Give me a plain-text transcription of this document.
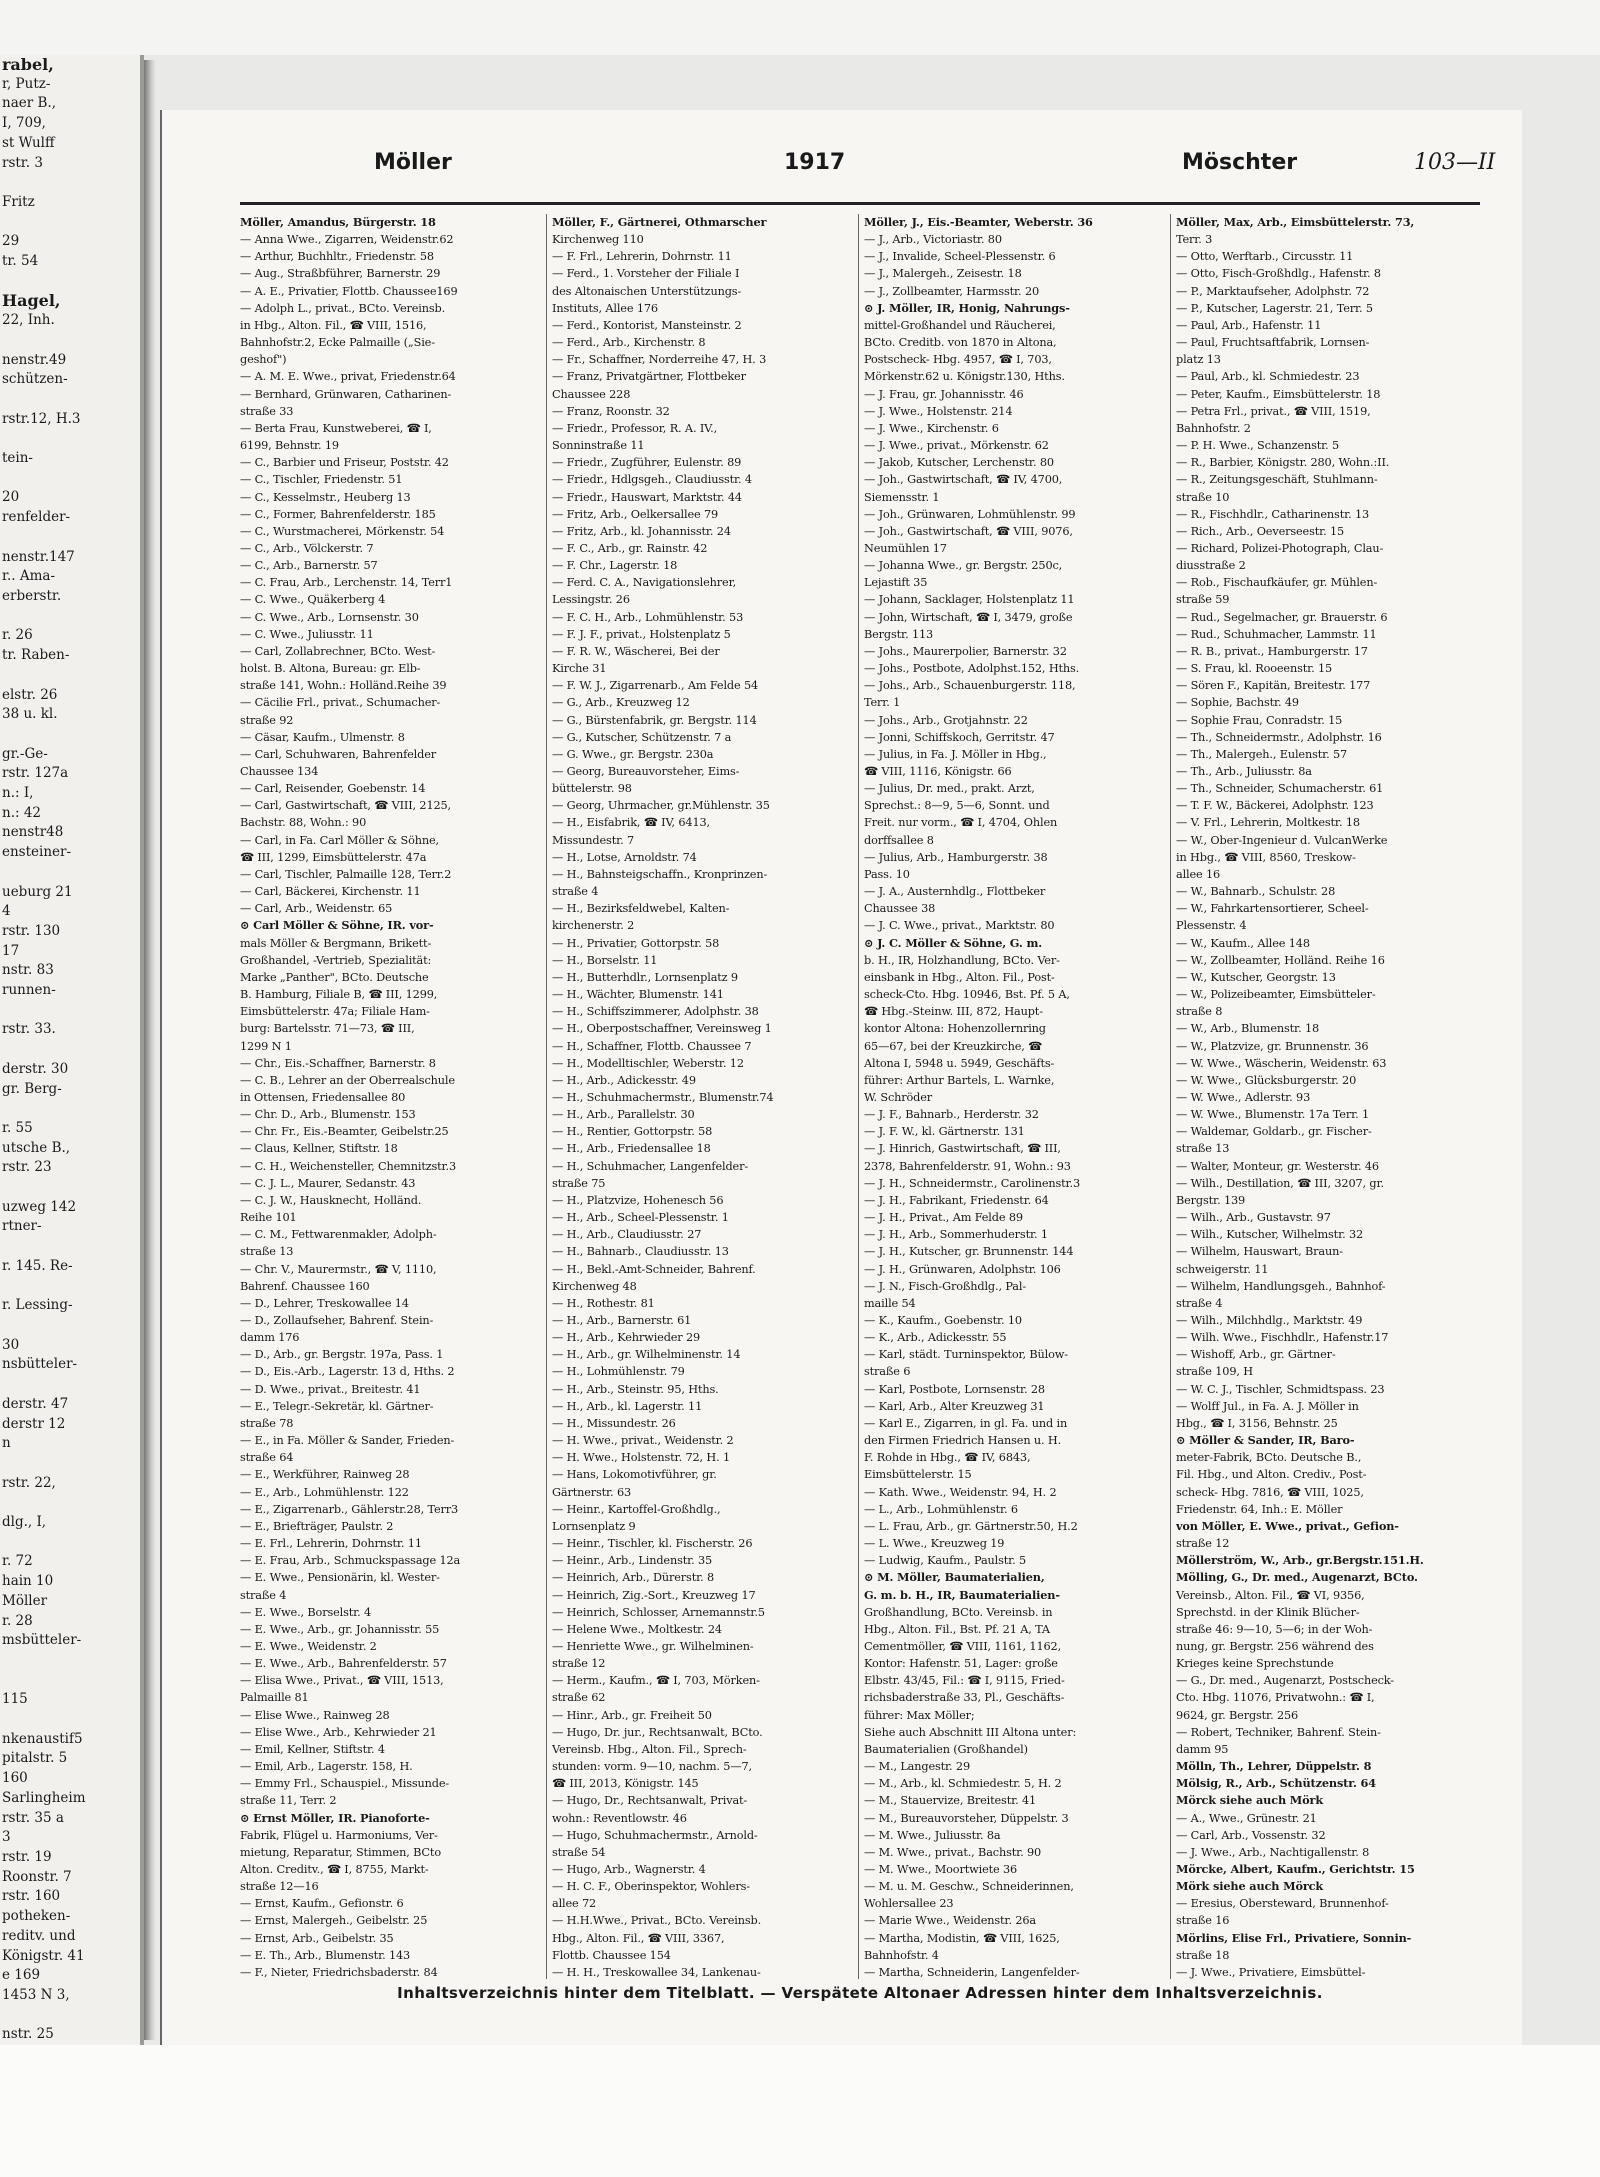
rabel,
r, Putz-
naer B.,
I, 709,
st Wulff
rstr. 3

Fritz

29
tr. 54

Hagel,
22, Inh.

nenstr.49
schützen-

rstr.12, H.3

tein-

20
renfelder-

nenstr.147
r.. Ama-
erberstr.

r. 26
tr. Raben-

elstr. 26
38 u. kl.

gr.-Ge-
rstr. 127a
n.: I,
n.: 42
nenstr48
ensteiner-

ueburg 21
4
rstr. 130
17
nstr. 83
runnen-

rstr. 33.

derstr. 30
gr. Berg-

r. 55
utsche B.,
rstr. 23

uzweg 142
rtner-

r. 145. Re-

r. Lessing-

30
nsbütteler-

derstr. 47
derstr 12
n

rstr. 22,

dlg., I,

r. 72
hain 10
Möller
r. 28
msbütteler-

115

nkenaustif5
pitalstr. 5
160
Sarlingheim
rstr. 35 a
3
rstr. 19
Roonstr. 7
rstr. 160
potheken-
reditv. und
Königstr. 41
e 169
1453 N 3,

nstr. 25

Möller	1917	Möschter	103—II
Möller, Amandus, Bürgerstr. 18
— Anna Wwe., Zigarren, Weidenstr.62
— Arthur, Buchhltr., Friedenstr. 58
— Aug., Straßbführer, Barnerstr. 29
— A. E., Privatier, Flottb. Chaussee169
— Adolph L., privat., BCto. Vereinsb.
in Hbg., Alton. Fil., ☎ VIII, 1516,
Bahnhofstr.2, Ecke Palmaille („Sie-
geshof")
— A. M. E. Wwe., privat, Friedenstr.64
— Bernhard, Grünwaren, Catharinen-
straße 33
— Berta Frau, Kunstweberei, ☎ I,
6199, Behnstr. 19
— C., Barbier und Friseur, Poststr. 42
— C., Tischler, Friedenstr. 51
— C., Kesselmstr., Heuberg 13
— C., Former, Bahrenfelderstr. 185
— C., Wurstmacherei, Mörkenstr. 54
— C., Arb., Völckerstr. 7
— C., Arb., Barnerstr. 57
— C. Frau, Arb., Lerchenstr. 14, Terr1
— C. Wwe., Quäkerberg 4
— C. Wwe., Arb., Lornsenstr. 30
— C. Wwe., Juliusstr. 11
— Carl, Zollabrechner, BCto. West-
holst. B. Altona, Bureau: gr. Elb-
straße 141, Wohn.: Holländ.Reihe 39
— Cäcilie Frl., privat., Schumacher-
straße 92
— Cäsar, Kaufm., Ulmenstr. 8
— Carl, Schuhwaren, Bahrenfelder
Chaussee 134
— Carl, Reisender, Goebenstr. 14
— Carl, Gastwirtschaft, ☎ VIII, 2125,
Bachstr. 88, Wohn.: 90
— Carl, in Fa. Carl Möller & Söhne,
☎ III, 1299, Eimsbüttelerstr. 47a
— Carl, Tischler, Palmaille 128, Terr.2
— Carl, Bäckerei, Kirchenstr. 11
— Carl, Arb., Weidenstr. 65
⊙ Carl Möller & Söhne, IR. vor-
mals Möller & Bergmann, Brikett-
Großhandel, -Vertrieb, Spezialität:
Marke „Panther", BCto. Deutsche
B. Hamburg, Filiale B, ☎ III, 1299,
Eimsbüttelerstr. 47a; Filiale Ham-
burg: Bartelsstr. 71—73, ☎ III,
1299 N 1
— Chr., Eis.-Schaffner, Barnerstr. 8
— C. B., Lehrer an der Oberrealschule
in Ottensen, Friedensallee 80
— Chr. D., Arb., Blumenstr. 153
— Chr. Fr., Eis.-Beamter, Geibelstr.25
— Claus, Kellner, Stiftstr. 18
— C. H., Weichensteller, Chemnitzstr.3
— C. J. L., Maurer, Sedanstr. 43
— C. J. W., Hausknecht, Holländ.
Reihe 101
— C. M., Fettwarenmakler, Adolph-
straße 13
— Chr. V., Maurermstr., ☎ V, 1110,
Bahrenf. Chaussee 160
— D., Lehrer, Treskowallee 14
— D., Zollaufseher, Bahrenf. Stein-
damm 176
— D., Arb., gr. Bergstr. 197a, Pass. 1
— D., Eis.-Arb., Lagerstr. 13 d, Hths. 2
— D. Wwe., privat., Breitestr. 41
— E., Telegr.-Sekretär, kl. Gärtner-
straße 78
— E., in Fa. Möller & Sander, Frieden-
straße 64
— E., Werkführer, Rainweg 28
— E., Arb., Lohmühlenstr. 122
— E., Zigarrenarb., Gählerstr.28, Terr3
— E., Briefträger, Paulstr. 2
— E. Frl., Lehrerin, Dohrnstr. 11
— E. Frau, Arb., Schmuckspassage 12a
— E. Wwe., Pensionärin, kl. Wester-
straße 4
— E. Wwe., Borselstr. 4
— E. Wwe., Arb., gr. Johannisstr. 55
— E. Wwe., Weidenstr. 2
— E. Wwe., Arb., Bahrenfelderstr. 57
— Elisa Wwe., Privat., ☎ VIII, 1513,
Palmaille 81
— Elise Wwe., Rainweg 28
— Elise Wwe., Arb., Kehrwieder 21
— Emil, Kellner, Stiftstr. 4
— Emil, Arb., Lagerstr. 158, H.
— Emmy Frl., Schauspiel., Missunde-
straße 11, Terr. 2
⊙ Ernst Möller, IR. Pianoforte-
Fabrik, Flügel u. Harmoniums, Ver-
mietung, Reparatur, Stimmen, BCto
Alton. Creditv., ☎ I, 8755, Markt-
straße 12—16
— Ernst, Kaufm., Gefionstr. 6
— Ernst, Malergeh., Geibelstr. 25
— Ernst, Arb., Geibelstr. 35
— E. Th., Arb., Blumenstr. 143
— F., Nieter, Friedrichsbaderstr. 84
Möller, F., Gärtnerei, Othmarscher
Kirchenweg 110
— F. Frl., Lehrerin, Dohrnstr. 11
— Ferd., 1. Vorsteher der Filiale I
des Altonaischen Unterstützungs-
Instituts, Allee 176
— Ferd., Kontorist, Mansteinstr. 2
— Ferd., Arb., Kirchenstr. 8
— Fr., Schaffner, Norderreihe 47, H. 3
— Franz, Privatgärtner, Flottbeker
Chaussee 228
— Franz, Roonstr. 32
— Friedr., Professor, R. A. IV.,
Sonninstraße 11
— Friedr., Zugführer, Eulenstr. 89
— Friedr., Hdlgsgeh., Claudiusstr. 4
— Friedr., Hauswart, Marktstr. 44
— Fritz, Arb., Oelkersallee 79
— Fritz, Arb., kl. Johannisstr. 24
— F. C., Arb., gr. Rainstr. 42
— F. Chr., Lagerstr. 18
— Ferd. C. A., Navigationslehrer,
Lessingstr. 26
— F. C. H., Arb., Lohmühlenstr. 53
— F. J. F., privat., Holstenplatz 5
— F. R. W., Wäscherei, Bei der
Kirche 31
— F. W. J., Zigarrenarb., Am Felde 54
— G., Arb., Kreuzweg 12
— G., Bürstenfabrik, gr. Bergstr. 114
— G., Kutscher, Schützenstr. 7 a
— G. Wwe., gr. Bergstr. 230a
— Georg, Bureauvorsteher, Eims-
büttelerstr. 98
— Georg, Uhrmacher, gr.Mühlenstr. 35
— H., Eisfabrik, ☎ IV, 6413,
Missundestr. 7
— H., Lotse, Arnoldstr. 74
— H., Bahnsteigschaffn., Kronprinzen-
straße 4
— H., Bezirksfeldwebel, Kalten-
kirchenerstr. 2
— H., Privatier, Gottorpstr. 58
— H., Borselstr. 11
— H., Butterhdlr., Lornsenplatz 9
— H., Wächter, Blumenstr. 141
— H., Schiffszimmerer, Adolphstr. 38
— H., Oberpostschaffner, Vereinsweg 1
— H., Schaffner, Flottb. Chaussee 7
— H., Modelltischler, Weberstr. 12
— H., Arb., Adickesstr. 49
— H., Schuhmachermstr., Blumenstr.74
— H., Arb., Parallelstr. 30
— H., Rentier, Gottorpstr. 58
— H., Arb., Friedensallee 18
— H., Schuhmacher, Langenfelder-
straße 75
— H., Platzvize, Hohenesch 56
— H., Arb., Scheel-Plessenstr. 1
— H., Arb., Claudiusstr. 27
— H., Bahnarb., Claudiusstr. 13
— H., Bekl.-Amt-Schneider, Bahrenf.
Kirchenweg 48
— H., Rothestr. 81
— H., Arb., Barnerstr. 61
— H., Arb., Kehrwieder 29
— H., Arb., gr. Wilhelminenstr. 14
— H., Lohmühlenstr. 79
— H., Arb., Steinstr. 95, Hths.
— H., Arb., kl. Lagerstr. 11
— H., Missundestr. 26
— H. Wwe., privat., Weidenstr. 2
— H. Wwe., Holstenstr. 72, H. 1
— Hans, Lokomotivführer, gr.
Gärtnerstr. 63
— Heinr., Kartoffel-Großhdlg.,
Lornsenplatz 9
— Heinr., Tischler, kl. Fischerstr. 26
— Heinr., Arb., Lindenstr. 35
— Heinrich, Arb., Dürerstr. 8
— Heinrich, Zig.-Sort., Kreuzweg 17
— Heinrich, Schlosser, Arnemannstr.5
— Helene Wwe., Moltkestr. 24
— Henriette Wwe., gr. Wilhelminen-
straße 12
— Herm., Kaufm., ☎ I, 703, Mörken-
straße 62
— Hinr., Arb., gr. Freiheit 50
— Hugo, Dr. jur., Rechtsanwalt, BCto.
Vereinsb. Hbg., Alton. Fil., Sprech-
stunden: vorm. 9—10, nachm. 5—7,
☎ III, 2013, Königstr. 145
— Hugo, Dr., Rechtsanwalt, Privat-
wohn.: Reventlowstr. 46
— Hugo, Schuhmachermstr., Arnold-
straße 54
— Hugo, Arb., Wagnerstr. 4
— H. C. F., Oberinspektor, Wohlers-
allee 72
— H.H.Wwe., Privat., BCto. Vereinsb.
Hbg., Alton. Fil., ☎ VIII, 3367,
Flottb. Chaussee 154
— H. H., Treskowallee 34, Lankenau-
Möller, J., Eis.-Beamter, Weberstr. 36
— J., Arb., Victoriastr. 80
— J., Invalide, Scheel-Plessenstr. 6
— J., Malergeh., Zeisestr. 18
— J., Zollbeamter, Harmsstr. 20
⊙ J. Möller, IR, Honig, Nahrungs-
mittel-Großhandel und Räucherei,
BCto. Creditb. von 1870 in Altona,
Postscheck- Hbg. 4957, ☎ I, 703,
Mörkenstr.62 u. Königstr.130, Hths.
— J. Frau, gr. Johannisstr. 46
— J. Wwe., Holstenstr. 214
— J. Wwe., Kirchenstr. 6
— J. Wwe., privat., Mörkenstr. 62
— Jakob, Kutscher, Lerchenstr. 80
— Joh., Gastwirtschaft, ☎ IV, 4700,
Siemensstr. 1
— Joh., Grünwaren, Lohmühlenstr. 99
— Joh., Gastwirtschaft, ☎ VIII, 9076,
Neumühlen 17
— Johanna Wwe., gr. Bergstr. 250c,
Lejastift 35
— Johann, Sacklager, Holstenplatz 11
— John, Wirtschaft, ☎ I, 3479, große
Bergstr. 113
— Johs., Maurerpolier, Barnerstr. 32
— Johs., Postbote, Adolphst.152, Hths.
— Johs., Arb., Schauenburgerstr. 118,
Terr. 1
— Johs., Arb., Grotjahnstr. 22
— Jonni, Schiffskoch, Gerritstr. 47
— Julius, in Fa. J. Möller in Hbg.,
☎ VIII, 1116, Königstr. 66
— Julius, Dr. med., prakt. Arzt,
Sprechst.: 8—9, 5—6, Sonnt. und
Freit. nur vorm., ☎ I, 4704, Ohlen
dorffsallee 8
— Julius, Arb., Hamburgerstr. 38
Pass. 10
— J. A., Austernhdlg., Flottbeker
Chaussee 38
— J. C. Wwe., privat., Marktstr. 80
⊙ J. C. Möller & Söhne, G. m.
b. H., IR, Holzhandlung, BCto. Ver-
einsbank in Hbg., Alton. Fil., Post-
scheck-Cto. Hbg. 10946, Bst. Pf. 5 A,
☎ Hbg.-Steinw. III, 872, Haupt-
kontor Altona: Hohenzollernring
65—67, bei der Kreuzkirche, ☎
Altona I, 5948 u. 5949, Geschäfts-
führer: Arthur Bartels, L. Warnke,
W. Schröder
— J. F., Bahnarb., Herderstr. 32
— J. F. W., kl. Gärtnerstr. 131
— J. Hinrich, Gastwirtschaft, ☎ III,
2378, Bahrenfelderstr. 91, Wohn.: 93
— J. H., Schneidermstr., Carolinenstr.3
— J. H., Fabrikant, Friedenstr. 64
— J. H., Privat., Am Felde 89
— J. H., Arb., Sommerhuderstr. 1
— J. H., Kutscher, gr. Brunnenstr. 144
— J. H., Grünwaren, Adolphstr. 106
— J. N., Fisch-Großhdlg., Pal-
maille 54
— K., Kaufm., Goebenstr. 10
— K., Arb., Adickesstr. 55
— Karl, städt. Turninspektor, Bülow-
straße 6
— Karl, Postbote, Lornsenstr. 28
— Karl, Arb., Alter Kreuzweg 31
— Karl E., Zigarren, in gl. Fa. und in
den Firmen Friedrich Hansen u. H.
F. Rohde in Hbg., ☎ IV, 6843,
Eimsbüttelerstr. 15
— Kath. Wwe., Weidenstr. 94, H. 2
— L., Arb., Lohmühlenstr. 6
— L. Frau, Arb., gr. Gärtnerstr.50, H.2
— L. Wwe., Kreuzweg 19
— Ludwig, Kaufm., Paulstr. 5
⊙ M. Möller, Baumaterialien,
G. m. b. H., IR, Baumaterialien-
Großhandlung, BCto. Vereinsb. in
Hbg., Alton. Fil., Bst. Pf. 21 A, TA
Cementmöller, ☎ VIII, 1161, 1162,
Kontor: Hafenstr. 51, Lager: große
Elbstr. 43/45, Fil.: ☎ I, 9115, Fried-
richsbaderstraße 33, Pl., Geschäfts-
führer: Max Möller;
Siehe auch Abschnitt III Altona unter:
Baumaterialien (Großhandel)
— M., Langestr. 29
— M., Arb., kl. Schmiedestr. 5, H. 2
— M., Stauervize, Breitestr. 41
— M., Bureauvorsteher, Düppelstr. 3
— M. Wwe., Juliusstr. 8a
— M. Wwe., privat., Bachstr. 90
— M. Wwe., Moortwiete 36
— M. u. M. Geschw., Schneiderinnen,
Wohlersallee 23
— Marie Wwe., Weidenstr. 26a
— Martha, Modistin, ☎ VIII, 1625,
Bahnhofstr. 4
— Martha, Schneiderin, Langenfelder-
Möller, Max, Arb., Eimsbüttelerstr. 73,
Terr. 3
— Otto, Werftarb., Circusstr. 11
— Otto, Fisch-Großhdlg., Hafenstr. 8
— P., Marktaufseher, Adolphstr. 72
— P., Kutscher, Lagerstr. 21, Terr. 5
— Paul, Arb., Hafenstr. 11
— Paul, Fruchtsaftfabrik, Lornsen-
platz 13
— Paul, Arb., kl. Schmiedestr. 23
— Peter, Kaufm., Eimsbüttelerstr. 18
— Petra Frl., privat., ☎ VIII, 1519,
Bahnhofstr. 2
— P. H. Wwe., Schanzenstr. 5
— R., Barbier, Königstr. 280, Wohn.:II.
— R., Zeitungsgeschäft, Stuhlmann-
straße 10
— R., Fischhdlr., Catharinenstr. 13
— Rich., Arb., Oeverseestr. 15
— Richard, Polizei-Photograph, Clau-
diusstraße 2
— Rob., Fischaufkäufer, gr. Mühlen-
straße 59
— Rud., Segelmacher, gr. Brauerstr. 6
— Rud., Schuhmacher, Lammstr. 11
— R. B., privat., Hamburgerstr. 17
— S. Frau, kl. Rooeenstr. 15
— Sören F., Kapitän, Breitestr. 177
— Sophie, Bachstr. 49
— Sophie Frau, Conradstr. 15
— Th., Schneidermstr., Adolphstr. 16
— Th., Malergeh., Eulenstr. 57
— Th., Arb., Juliusstr. 8a
— Th., Schneider, Schumacherstr. 61
— T. F. W., Bäckerei, Adolphstr. 123
— V. Frl., Lehrerin, Moltkestr. 18
— W., Ober-Ingenieur d. VulcanWerke
in Hbg., ☎ VIII, 8560, Treskow-
allee 16
— W., Bahnarb., Schulstr. 28
— W., Fahrkartensortierer, Scheel-
Plessenstr. 4
— W., Kaufm., Allee 148
— W., Zollbeamter, Holländ. Reihe 16
— W., Kutscher, Georgstr. 13
— W., Polizeibeamter, Eimsbütteler-
straße 8
— W., Arb., Blumenstr. 18
— W., Platzvize, gr. Brunnenstr. 36
— W. Wwe., Wäscherin, Weidenstr. 63
— W. Wwe., Glücksburgerstr. 20
— W. Wwe., Adlerstr. 93
— W. Wwe., Blumenstr. 17a Terr. 1
— Waldemar, Goldarb., gr. Fischer-
straße 13
— Walter, Monteur, gr. Westerstr. 46
— Wilh., Destillation, ☎ III, 3207, gr.
Bergstr. 139
— Wilh., Arb., Gustavstr. 97
— Wilh., Kutscher, Wilhelmstr. 32
— Wilhelm, Hauswart, Braun-
schweigerstr. 11
— Wilhelm, Handlungsgeh., Bahnhof-
straße 4
— Wilh., Milchhdlg., Marktstr. 49
— Wilh. Wwe., Fischhdlr., Hafenstr.17
— Wishoff, Arb., gr. Gärtner-
straße 109, H
— W. C. J., Tischler, Schmidtspass. 23
— Wolff Jul., in Fa. A. J. Möller in
Hbg., ☎ I, 3156, Behnstr. 25
⊙ Möller & Sander, IR, Baro-
meter-Fabrik, BCto. Deutsche B.,
Fil. Hbg., und Alton. Crediv., Post-
scheck- Hbg. 7816, ☎ VIII, 1025,
Friedenstr. 64, Inh.: E. Möller
von Möller, E. Wwe., privat., Gefion-
straße 12
Möllerström, W., Arb., gr.Bergstr.151.H.
Mölling, G., Dr. med., Augenarzt, BCto.
Vereinsb., Alton. Fil., ☎ VI, 9356,
Sprechstd. in der Klinik Blücher-
straße 46: 9—10, 5—6; in der Woh-
nung, gr. Bergstr. 256 während des
Krieges keine Sprechstunde
— G., Dr. med., Augenarzt, Postscheck-
Cto. Hbg. 11076, Privatwohn.: ☎ I,
9624, gr. Bergstr. 256
— Robert, Techniker, Bahrenf. Stein-
damm 95
Mölln, Th., Lehrer, Düppelstr. 8
Mölsig, R., Arb., Schützenstr. 64
Mörck siehe auch Mörk
— A., Wwe., Grünestr. 21
— Carl, Arb., Vossenstr. 32
— J. Wwe., Arb., Nachtigallenstr. 8
Mörcke, Albert, Kaufm., Gerichtstr. 15
Mörk siehe auch Mörck
— Eresius, Obersteward, Brunnenhof-
straße 16
Mörlins, Elise Frl., Privatiere, Sonnin-
straße 18
— J. Wwe., Privatiere, Eimsbüttel-
Inhaltsverzeichnis hinter dem Titelblatt. — Verspätete Altonaer Adressen hinter dem Inhaltsverzeichnis.
